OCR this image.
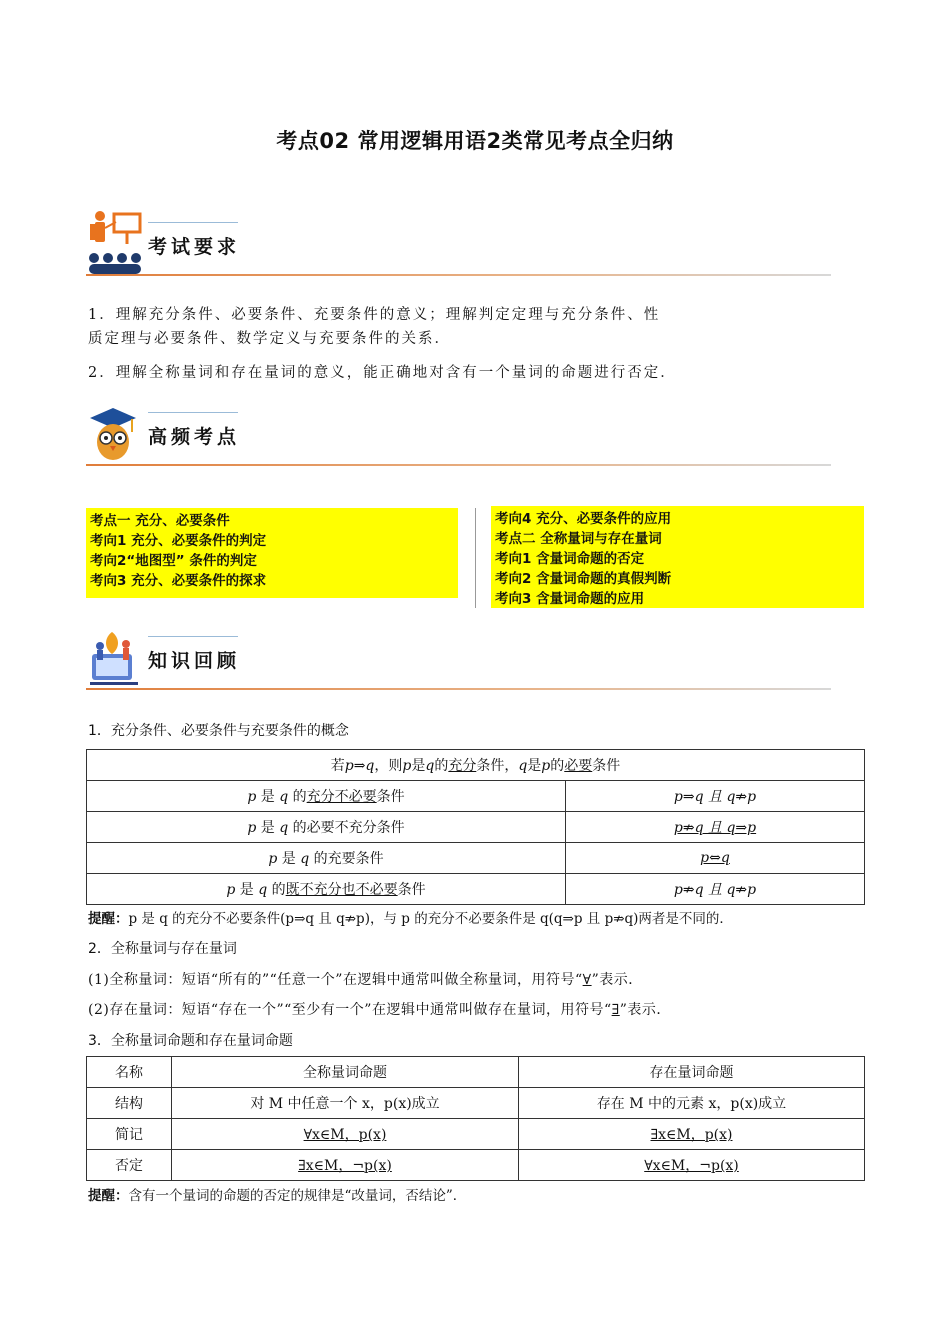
考点02 常用逻辑用语2类常见考点全归纳
考试要求
1．理解充分条件、必要条件、充要条件的意义；理解判定定理与充分条件、性
质定理与必要条件、数学定义与充要条件的关系．
2．理解全称量词和存在量词的意义，能正确地对含有一个量词的命题进行否定．
高频考点
考点一 充分、必要条件
考向1 充分、必要条件的判定
考向2“地图型” 条件的判定
考向3 充分、必要条件的探求
考向4 充分、必要条件的应用
考点二 全称量词与存在量词
考向1 含量词命题的否定
考向2 含量词命题的真假判断
考向3 含量词命题的应用
知识回顾
1．充分条件、必要条件与充要条件的概念
若p⇒q，则p是q的充分条件，q是p的必要条件	
p 是 q 的充分不必要条件	p⇒q 且 q⇏p
p 是 q 的必要不充分条件	p⇏q 且 q⇒p
p 是 q 的充要条件	p⇔q
p 是 q 的既不充分也不必要条件	p⇏q 且 q⇏p
提醒：p 是 q 的充分不必要条件(p⇒q 且 q⇏p)，与 p 的充分不必要条件是 q(q⇒p 且 p⇏q)两者是不同的．
2．全称量词与存在量词
(1)全称量词：短语“所有的”“任意一个”在逻辑中通常叫做全称量词，用符号“∀”表示．
(2)存在量词：短语“存在一个”“至少有一个”在逻辑中通常叫做存在量词，用符号“∃”表示．
3．全称量词命题和存在量词命题
名称	全称量词命题	存在量词命题
结构	对 M 中任意一个 x，p(x)成立	存在 M 中的元素 x，p(x)成立
简记	∀x∈M，p(x)	∃x∈M，p(x)
否定	∃x∈M，¬p(x)	∀x∈M，¬p(x)
提醒：含有一个量词的命题的否定的规律是“改量词，否结论”．
